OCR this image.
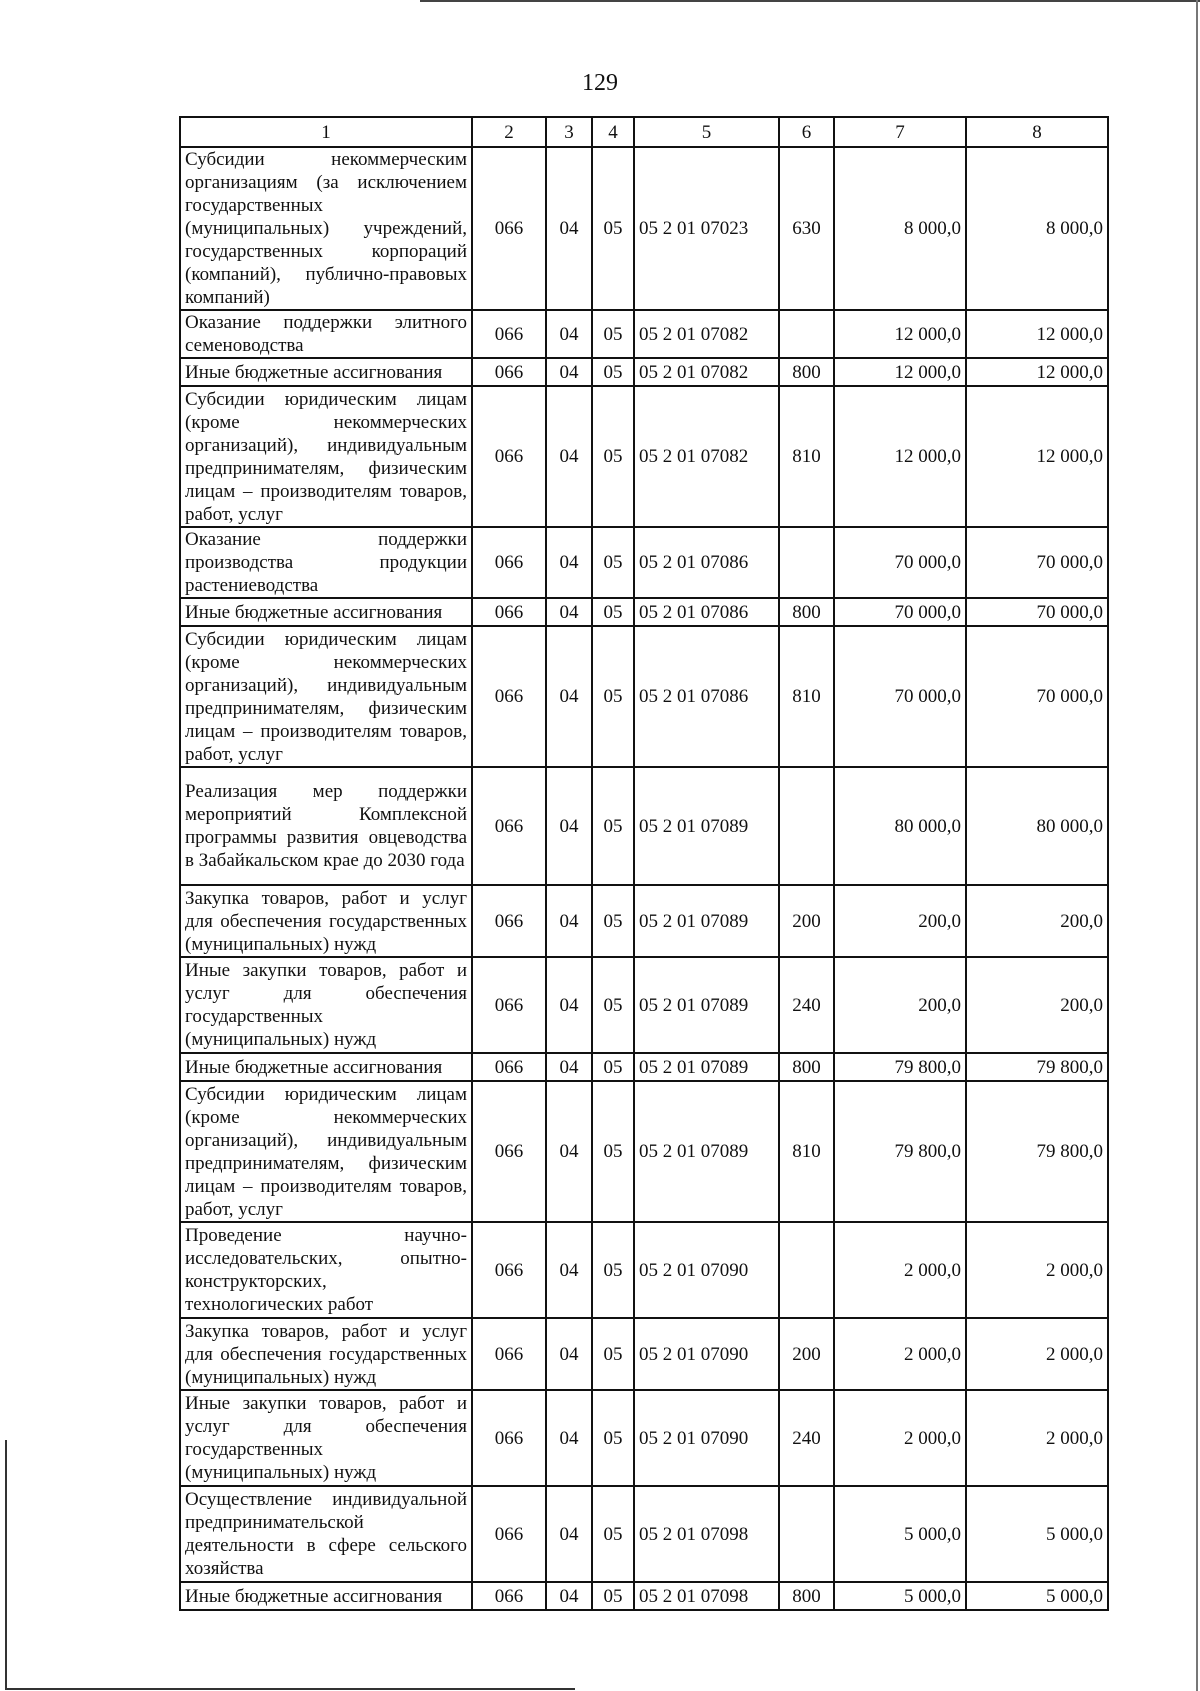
129
1	2	3	4	5	6	7	8
Субсидии некоммерческим организациям (за исключением государственных (муниципальных) учреждений, государственных корпораций (компаний), публично-правовых компаний)	066	04	05	05 2 01 07023	630	8 000,0	8 000,0
Оказание поддержки элитного семеноводства	066	04	05	05 2 01 07082		12 000,0	12 000,0
Иные бюджетные ассигнования	066	04	05	05 2 01 07082	800	12 000,0	12 000,0
Субсидии юридическим лицам (кроме некоммерческих организаций), индивидуальным предпринимателям, физическим лицам – производителям товаров, работ, услуг	066	04	05	05 2 01 07082	810	12 000,0	12 000,0
Оказание поддержки производства продукции растениеводства	066	04	05	05 2 01 07086		70 000,0	70 000,0
Иные бюджетные ассигнования	066	04	05	05 2 01 07086	800	70 000,0	70 000,0
Субсидии юридическим лицам (кроме некоммерческих организаций), индивидуальным предпринимателям, физическим лицам – производителям товаров, работ, услуг	066	04	05	05 2 01 07086	810	70 000,0	70 000,0
Реализация мер поддержки мероприятий Комплексной программы развития овцеводства в Забайкальском крае до 2030 года	066	04	05	05 2 01 07089		80 000,0	80 000,0
Закупка товаров, работ и услуг для обеспечения государственных (муниципальных) нужд	066	04	05	05 2 01 07089	200	200,0	200,0
Иные закупки товаров, работ и услуг для обеспечения государственных (муниципальных) нужд	066	04	05	05 2 01 07089	240	200,0	200,0
Иные бюджетные ассигнования	066	04	05	05 2 01 07089	800	79 800,0	79 800,0
Субсидии юридическим лицам (кроме некоммерческих организаций), индивидуальным предпринимателям, физическим лицам – производителям товаров, работ, услуг	066	04	05	05 2 01 07089	810	79 800,0	79 800,0
Проведение научно-исследовательских, опытно-конструкторских, технологических работ	066	04	05	05 2 01 07090		2 000,0	2 000,0
Закупка товаров, работ и услуг для обеспечения государственных (муниципальных) нужд	066	04	05	05 2 01 07090	200	2 000,0	2 000,0
Иные закупки товаров, работ и услуг для обеспечения государственных (муниципальных) нужд	066	04	05	05 2 01 07090	240	2 000,0	2 000,0
Осуществление индивидуальной предпринимательской деятельности в сфере сельского хозяйства	066	04	05	05 2 01 07098		5 000,0	5 000,0
Иные бюджетные ассигнования	066	04	05	05 2 01 07098	800	5 000,0	5 000,0
